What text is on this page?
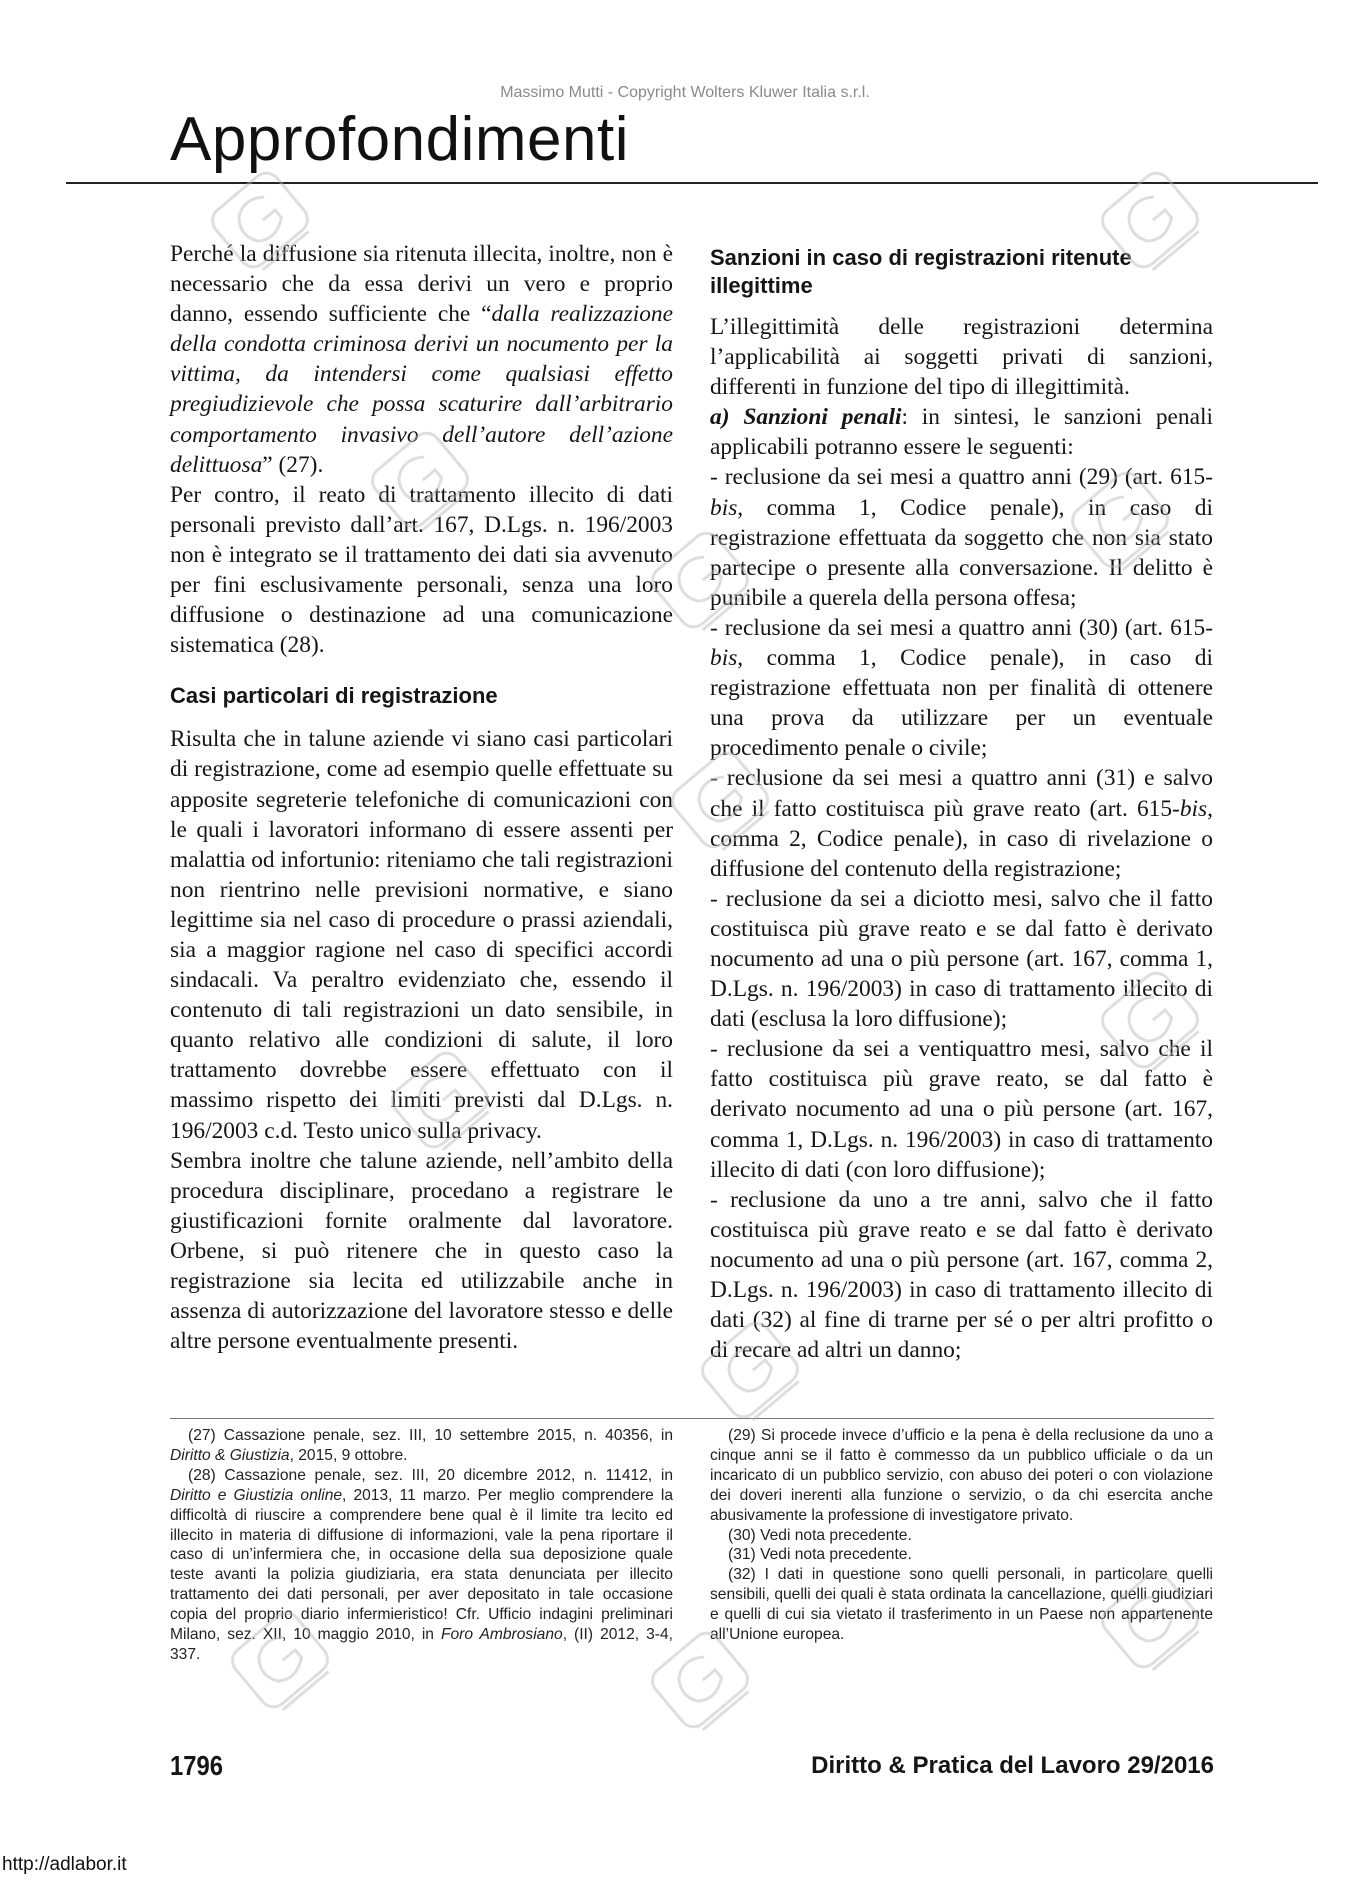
Massimo Mutti - Copyright Wolters Kluwer Italia s.r.l.
Approfondimenti

Perché la diffusione sia ritenuta illecita, inoltre, non è necessario che da essa derivi un vero e proprio danno, essendo sufficiente che “dalla realizzazione della condotta criminosa derivi un nocumento per la vittima, da intendersi come qualsiasi effetto pregiudizievole che possa scaturire dall’arbitrario comportamento invasivo dell’autore dell’azione delittuosa” (27).

Per contro, il reato di trattamento illecito di dati personali previsto dall’art. 167, D.Lgs. n. 196/2003 non è integrato se il trattamento dei dati sia avvenuto per fini esclusivamente personali, senza una loro diffusione o destinazione ad una comunicazione sistematica (28).

Casi particolari di registrazione

Risulta che in talune aziende vi siano casi particolari di registrazione, come ad esempio quelle effettuate su apposite segreterie telefoniche di comunicazioni con le quali i lavoratori informano di essere assenti per malattia od infortunio: riteniamo che tali registrazioni non rientrino nelle previsioni normative, e siano legittime sia nel caso di procedure o prassi aziendali, sia a maggior ragione nel caso di specifici accordi sindacali. Va peraltro evidenziato che, essendo il contenuto di tali registrazioni un dato sensibile, in quanto relativo alle condizioni di salute, il loro trattamento dovrebbe essere effettuato con il massimo rispetto dei limiti previsti dal D.Lgs. n. 196/2003 c.d. Testo unico sulla privacy.

Sembra inoltre che talune aziende, nell’ambito della procedura disciplinare, procedano a registrare le giustificazioni fornite oralmente dal lavoratore. Orbene, si può ritenere che in questo caso la registrazione sia lecita ed utilizzabile anche in assenza di autorizzazione del lavoratore stesso e delle altre persone eventualmente presenti.

Sanzioni in caso di registrazioni ritenute illegittime

L’illegittimità delle registrazioni determina l’applicabilità ai soggetti privati di sanzioni, differenti in funzione del tipo di illegittimità.

a) Sanzioni penali: in sintesi, le sanzioni penali applicabili potranno essere le seguenti:

- reclusione da sei mesi a quattro anni (29) (art. 615-bis, comma 1, Codice penale), in caso di registrazione effettuata da soggetto che non sia stato partecipe o presente alla conversazione. Il delitto è punibile a querela della persona offesa;

- reclusione da sei mesi a quattro anni (30) (art. 615-bis, comma 1, Codice penale), in caso di registrazione effettuata non per finalità di ottenere una prova da utilizzare per un eventuale procedimento penale o civile;

- reclusione da sei mesi a quattro anni (31) e salvo che il fatto costituisca più grave reato (art. 615-bis, comma 2, Codice penale), in caso di rivelazione o diffusione del contenuto della registrazione;

- reclusione da sei a diciotto mesi, salvo che il fatto costituisca più grave reato e se dal fatto è derivato nocumento ad una o più persone (art. 167, comma 1, D.Lgs. n. 196/2003) in caso di trattamento illecito di dati (esclusa la loro diffusione);

- reclusione da sei a ventiquattro mesi, salvo che il fatto costituisca più grave reato, se dal fatto è derivato nocumento ad una o più persone (art. 167, comma 1, D.Lgs. n. 196/2003) in caso di trattamento illecito di dati (con loro diffusione);

- reclusione da uno a tre anni, salvo che il fatto costituisca più grave reato e se dal fatto è derivato nocumento ad una o più persone (art. 167, comma 2, D.Lgs. n. 196/2003) in caso di trattamento illecito di dati (32) al fine di trarne per sé o per altri profitto o di recare ad altri un danno;

(27) Cassazione penale, sez. III, 10 settembre 2015, n. 40356, in Diritto & Giustizia, 2015, 9 ottobre.

(28) Cassazione penale, sez. III, 20 dicembre 2012, n. 11412, in Diritto e Giustizia online, 2013, 11 marzo. Per meglio comprendere la difficoltà di riuscire a comprendere bene qual è il limite tra lecito ed illecito in materia di diffusione di informazioni, vale la pena riportare il caso di un’infermiera che, in occasione della sua deposizione quale teste avanti la polizia giudiziaria, era stata denunciata per illecito trattamento dei dati personali, per aver depositato in tale occasione copia del proprio diario infermieristico! Cfr. Ufficio indagini preliminari Milano, sez. XII, 10 maggio 2010, in Foro Ambrosiano, (II) 2012, 3-4, 337.

(29) Si procede invece d’ufficio e la pena è della reclusione da uno a cinque anni se il fatto è commesso da un pubblico ufficiale o da un incaricato di un pubblico servizio, con abuso dei poteri o con violazione dei doveri inerenti alla funzione o servizio, o da chi esercita anche abusivamente la professione di investigatore privato.

(30) Vedi nota precedente.

(31) Vedi nota precedente.

(32) I dati in questione sono quelli personali, in particolare quelli sensibili, quelli dei quali è stata ordinata la cancellazione, quelli giudiziari e quelli di cui sia vietato il trasferimento in un Paese non appartenente all’Unione europea.

1796	Diritto & Pratica del Lavoro 29/2016
http://adlabor.it
